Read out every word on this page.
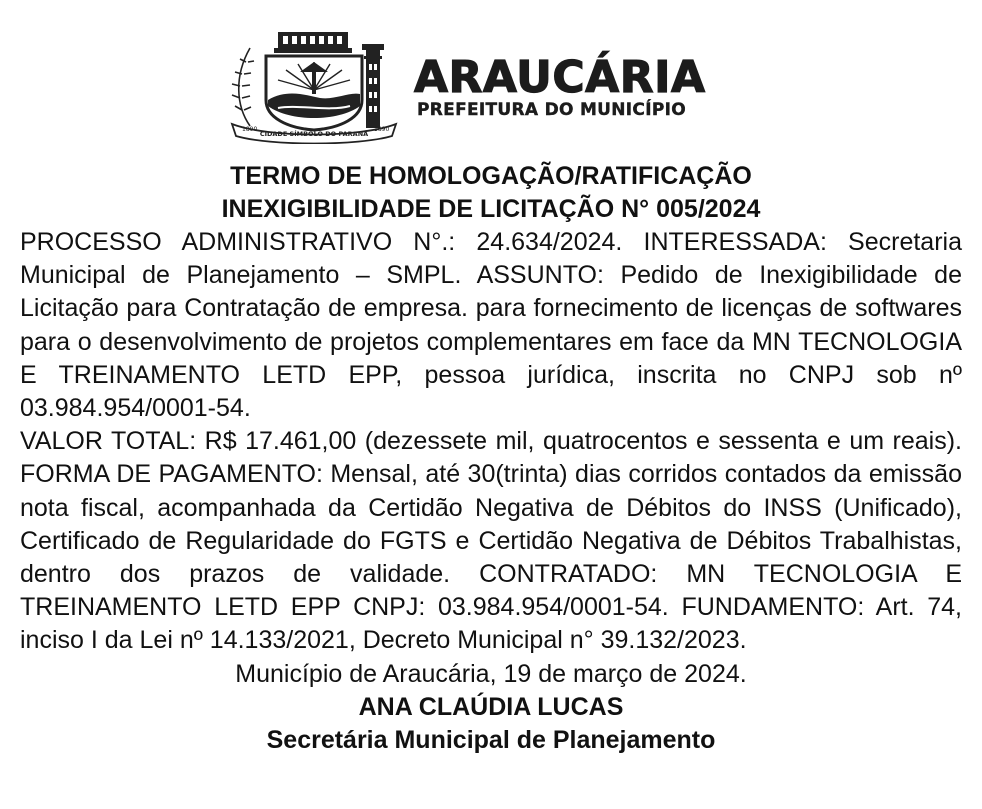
CIDADE SÍMBOLO DO PARANÁ
1890	1890
ARAUCÁRIA
PREFEITURA DO MUNICÍPIO

TERMO DE HOMOLOGAÇÃO/RATIFICAÇÃO

INEXIGIBILIDADE DE LICITAÇÃO N° 005/2024

PROCESSO ADMINISTRATIVO N°.: 24.634/2024. INTERESSADA: Secretaria Municipal de Planejamento – SMPL. ASSUNTO: Pedido de Inexigibilidade de Licitação para Contratação de empresa. para fornecimento de licenças de softwares para o desenvolvimento de projetos complementares em face da MN TECNOLOGIA E TREINAMENTO LETD EPP, pessoa jurídica, inscrita no CNPJ sob nº 03.984.954/0001-54.

VALOR TOTAL: R$ 17.461,00 (dezessete mil, quatrocentos e sessenta e um reais). FORMA DE PAGAMENTO: Mensal, até 30(trinta) dias corridos contados da emissão nota fiscal, acompanhada da Certidão Negativa de Débitos do INSS (Unificado), Certificado de Regularidade do FGTS e Certidão Negativa de Débitos Trabalhistas, dentro dos prazos de validade. CONTRATADO: MN TECNOLOGIA E TREINAMENTO LETD EPP CNPJ: 03.984.954/0001-54. FUNDAMENTO: Art. 74, inciso I da Lei nº 14.133/2021, Decreto Municipal n° 39.132/2023.

Município de Araucária, 19 de março de 2024.

ANA CLAÚDIA LUCAS

Secretária Municipal de Planejamento
